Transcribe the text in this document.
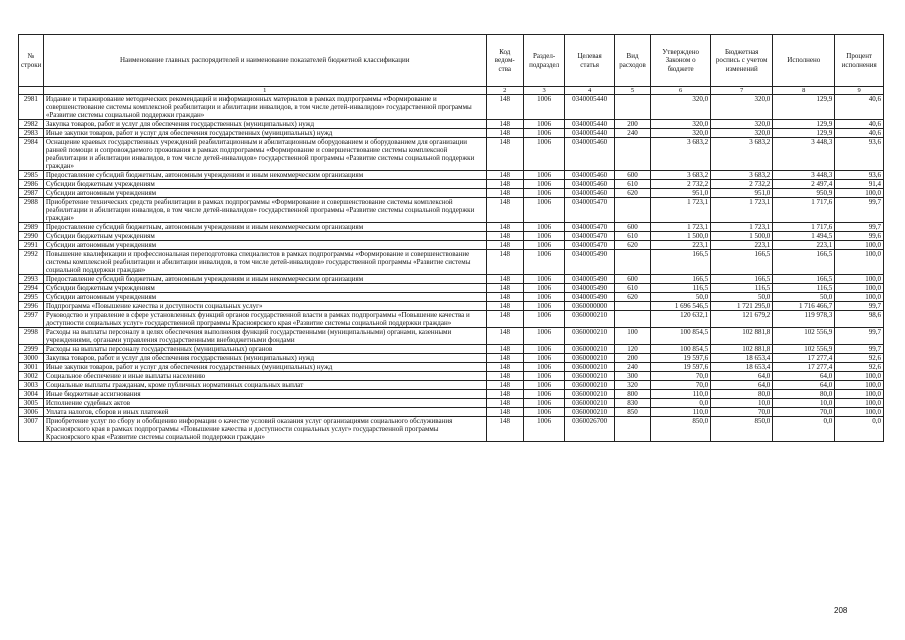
№ строки	Наименование главных распорядителей и наименование показателей бюджетной классификации	Код ведом-ства	Раздел-подраздел	Целевая статья	Вид расходов	Утверждено Законом о бюджете	Бюджетная роспись с учетом изменений	Исполнено	Процент исполнения
	1	2	3	4	5	6	7	8	9
2981	Издание и тиражирование методических рекомендаций и информационных материалов в рамках подпрограммы «Формирование и совершенствование системы комплексной реабилитации и абилитации инвалидов, в том числе детей-инвалидов» государственной программы «Развитие системы социальной поддержки граждан»	148	1006	0340005440		320,0	320,0	129,9	40,6
2982	Закупка товаров, работ и услуг для обеспечения государственных (муниципальных) нужд	148	1006	0340005440	200	320,0	320,0	129,9	40,6
2983	Иные закупки товаров, работ и услуг для обеспечения государственных (муниципальных) нужд	148	1006	0340005440	240	320,0	320,0	129,9	40,6
2984	Оснащение краевых государственных учреждений реабилитационным и абилитационным оборудованием и оборудованием для организации ранней помощи и сопровождаемого проживания в рамках подпрограммы «Формирование и совершенствование системы комплексной реабилитации и абилитации инвалидов, в том числе детей-инвалидов» государственной программы «Развитие системы социальной поддержки граждан»	148	1006	0340005460		3 683,2	3 683,2	3 448,3	93,6
2985	Предоставление субсидий бюджетным, автономным учреждениям и иным некоммерческим организациям	148	1006	0340005460	600	3 683,2	3 683,2	3 448,3	93,6
2986	Субсидии бюджетным учреждениям	148	1006	0340005460	610	2 732,2	2 732,2	2 497,4	91,4
2987	Субсидии автономным учреждениям	148	1006	0340005460	620	951,0	951,0	950,9	100,0
2988	Приобретение технических средств реабилитации в рамках подпрограммы «Формирование и совершенствование системы комплексной реабилитации и абилитации инвалидов, в том числе детей-инвалидов» государственной программы «Развитие системы социальной поддержки граждан»	148	1006	0340005470		1 723,1	1 723,1	1 717,6	99,7
2989	Предоставление субсидий бюджетным, автономным учреждениям и иным некоммерческим организациям	148	1006	0340005470	600	1 723,1	1 723,1	1 717,6	99,7
2990	Субсидии бюджетным учреждениям	148	1006	0340005470	610	1 500,0	1 500,0	1 494,5	99,6
2991	Субсидии автономным учреждениям	148	1006	0340005470	620	223,1	223,1	223,1	100,0
2992	Повышение квалификации и профессиональная переподготовка специалистов в рамках подпрограммы «Формирование и совершенствование системы комплексной реабилитации и абилитации инвалидов, в том числе детей-инвалидов» государственной программы «Развитие системы социальной поддержки граждан»	148	1006	0340005490		166,5	166,5	166,5	100,0
2993	Предоставление субсидий бюджетным, автономным учреждениям и иным некоммерческим организациям	148	1006	0340005490	600	166,5	166,5	166,5	100,0
2994	Субсидии бюджетным учреждениям	148	1006	0340005490	610	116,5	116,5	116,5	100,0
2995	Субсидии автономным учреждениям	148	1006	0340005490	620	50,0	50,0	50,0	100,0
2996	Подпрограмма «Повышение качества и доступности социальных услуг»	148	1006	0360000000		1 696 546,5	1 721 295,0	1 716 466,7	99,7
2997	Руководство и управление в сфере установленных функций органов государственной власти в рамках подпрограммы «Повышение качества и доступности социальных услуг» государственной программы Красноярского края «Развитие системы социальной поддержки граждан»	148	1006	0360000210		120 632,1	121 679,2	119 978,3	98,6
2998	Расходы на выплаты персоналу в целях обеспечения выполнения функций государственными (муниципальными) органами, казенными учреждениями, органами управления государственными внебюджетными фондами	148	1006	0360000210	100	100 854,5	102 881,8	102 556,9	99,7
2999	Расходы на выплаты персоналу государственных (муниципальных) органов	148	1006	0360000210	120	100 854,5	102 881,8	102 556,9	99,7
3000	Закупка товаров, работ и услуг для обеспечения государственных (муниципальных) нужд	148	1006	0360000210	200	19 597,6	18 653,4	17 277,4	92,6
3001	Иные закупки товаров, работ и услуг для обеспечения государственных (муниципальных) нужд	148	1006	0360000210	240	19 597,6	18 653,4	17 277,4	92,6
3002	Социальное обеспечение и иные выплаты населению	148	1006	0360000210	300	70,0	64,0	64,0	100,0
3003	Социальные выплаты гражданам, кроме публичных нормативных социальных выплат	148	1006	0360000210	320	70,0	64,0	64,0	100,0
3004	Иные бюджетные ассигнования	148	1006	0360000210	800	110,0	80,0	80,0	100,0
3005	Исполнение судебных актов	148	1006	0360000210	830	0,0	10,0	10,0	100,0
3006	Уплата налогов, сборов и иных платежей	148	1006	0360000210	850	110,0	70,0	70,0	100,0
3007	Приобретение услуг по сбору и обобщению информации о качестве условий оказания услуг организациями социального обслуживания Красноярского края в рамках подпрограммы «Повышение качества и доступности социальных услуг» государственной программы Красноярского края «Развитие системы социальной поддержки граждан»	148	1006	0360026700		850,0	850,0	0,0	0,0
208
